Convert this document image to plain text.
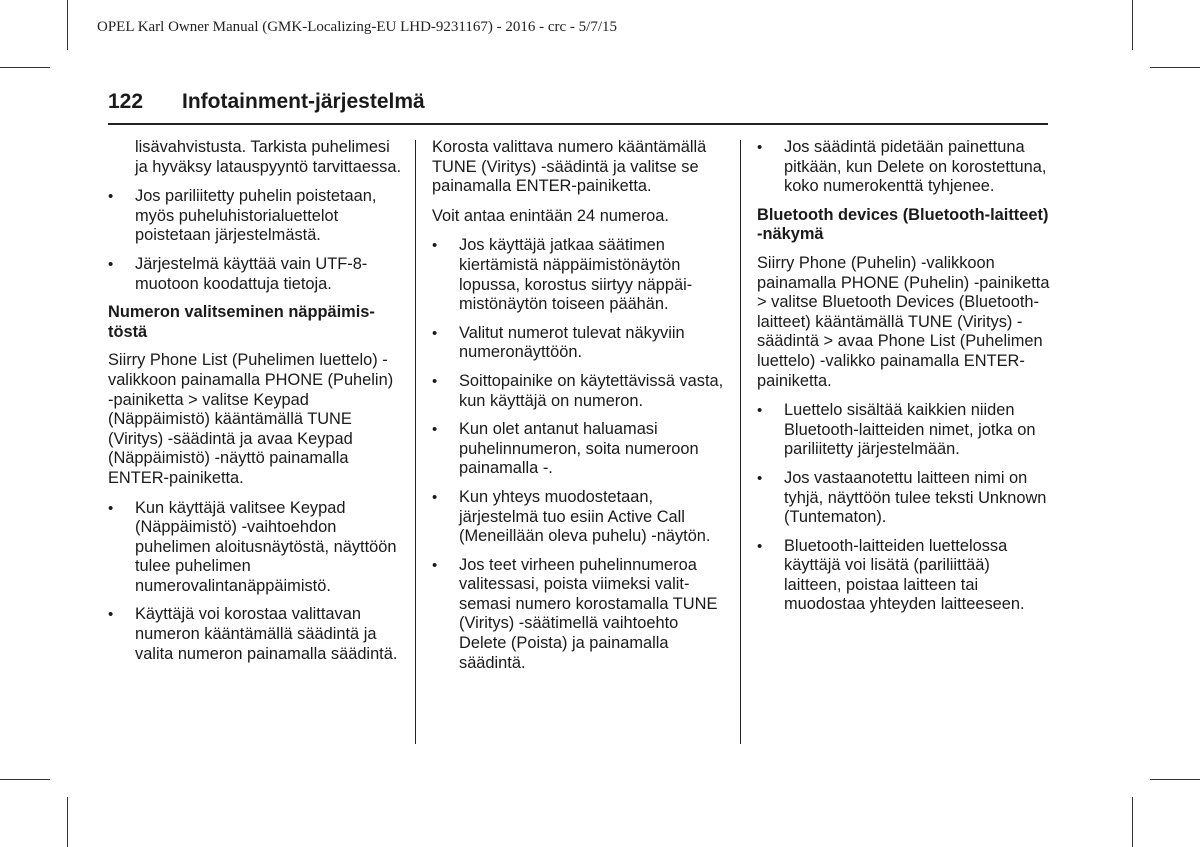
OPEL Karl Owner Manual (GMK-Localizing-EU LHD-9231167) - 2016 - crc - 5/7/15
122 Infotainment-järjestelmä

lisävahvistusta. Tarkista puhelimesi ja hyväksy latauspyyntö tarvittaessa.

• Jos pariliitetty puhelin poistetaan, myös puheluhistorialuettelot poistetaan järjestelmästä.
• Järjestelmä käyttää vain UTF-8-muotoon koodattuja tietoja.
Numeron valitseminen näppäimistöstä

Siirry Phone List (Puhelimen luettelo) -valikkoon painamalla PHONE (Puhelin) -painiketta > valitse Keypad (Näppäimistö) kääntämällä TUNE (Viritys) -säädintä ja avaa Keypad (Näppäimistö) -näyttö painamalla ENTER-painiketta.

• Kun käyttäjä valitsee Keypad (Näppäimistö) -vaihtoehdon puhelimen aloitusnäytöstä, näyttöön tulee puhelimen numerovalintanäppäimistö.
• Käyttäjä voi korostaa valittavan numeron kääntämällä säädintä ja valita numeron painamalla säädintä.

Korosta valittava numero kääntämällä TUNE (Viritys) -säädintä ja valitse se painamalla ENTER-painiketta.

Voit antaa enintään 24 numeroa.

• Jos käyttäjä jatkaa säätimen kiertämistä näppäimistönäytön lopussa, korostus siirtyy näppäimistönäytön toiseen päähän.
• Valitut numerot tulevat näkyviin numeronäyttöön.
• Soittopainike on käytettävissä vasta, kun käyttäjä on numeron.
• Kun olet antanut haluamasi puhelinnumeron, soita numeroon painamalla -.
• Kun yhteys muodostetaan, järjestelmä tuo esiin Active Call (Meneillään oleva puhelu) -näytön.
• Jos teet virheen puhelinnumeroa valitessasi, poista viimeksi valitsemasi numero korostamalla TUNE (Viritys) -säätimellä vaihtoehto Delete (Poista) ja painamalla säädintä.
• Jos säädintä pidetään painettuna pitkään, kun Delete on korostettuna, koko numerokenttä tyhjenee.
Bluetooth devices (Bluetooth-laitteet) -näkymä

Siirry Phone (Puhelin) -valikkoon painamalla PHONE (Puhelin) -painiketta > valitse Bluetooth Devices (Bluetooth-laitteet) kääntämällä TUNE (Viritys) -säädintä > avaa Phone List (Puhelimen luettelo) -valikko painamalla ENTER-painiketta.

• Luettelo sisältää kaikkien niiden Bluetooth-laitteiden nimet, jotka on pariliitetty järjestelmään.
• Jos vastaanotettu laitteen nimi on tyhjä, näyttöön tulee teksti Unknown (Tuntematon).
• Bluetooth-laitteiden luettelossa käyttäjä voi lisätä (pariliittää) laitteen, poistaa laitteen tai muodostaa yhteyden laitteeseen.
